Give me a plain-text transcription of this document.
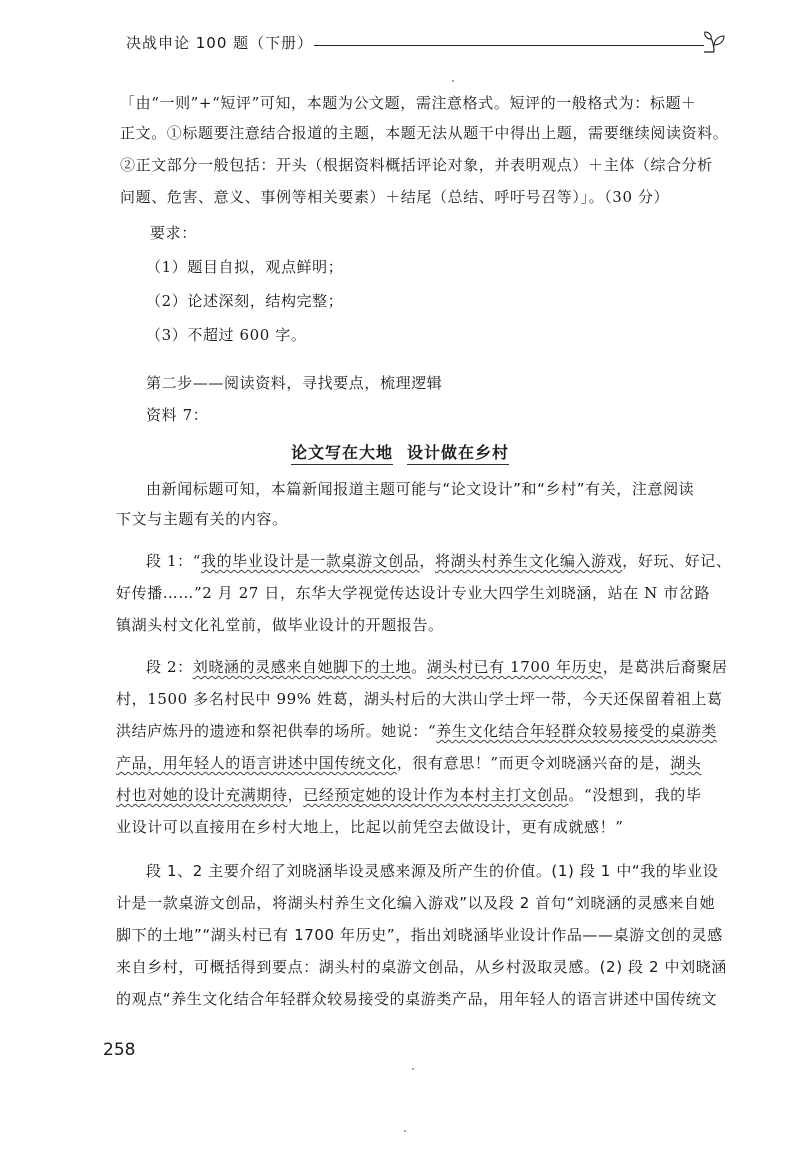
决战申论 100 题（下册）
「由“一则”+“短评”可知，本题为公文题，需注意格式。短评的一般格式为：标题＋
正文。①标题要注意结合报道的主题，本题无法从题干中得出上题，需要继续阅读资料。
②正文部分一般包括：开头（根据资料概括评论对象，并表明观点）＋主体（综合分析
问题、危害、意义、事例等相关要素）＋结尾（总结、呼吁号召等）」。（30 分）
要求：
（1）题目自拟，观点鲜明；
（2）论述深刻，结构完整；
（3）不超过 600 字。
第二步——阅读资料，寻找要点，梳理逻辑
资料 7：
论文写在大地 设计做在乡村
由新闻标题可知，本篇新闻报道主题可能与“论文设计”和“乡村”有关，注意阅读
下文与主题有关的内容。
段 1：“我的毕业设计是一款桌游文创品，将湖头村养生文化编入游戏，好玩、好记、
好传播……”2 月 27 日，东华大学视觉传达设计专业大四学生刘晓涵，站在 N 市岔路
镇湖头村文化礼堂前，做毕业设计的开题报告。
段 2：刘晓涵的灵感来自她脚下的土地。湖头村已有 1700 年历史，是葛洪后裔聚居
村，1500 多名村民中 99% 姓葛，湖头村后的大洪山学士坪一带，今天还保留着祖上葛
洪结庐炼丹的遗迹和祭祀供奉的场所。她说：“养生文化结合年轻群众较易接受的桌游类
产品，用年轻人的语言讲述中国传统文化，很有意思！”而更令刘晓涵兴奋的是，湖头
村也对她的设计充满期待，已经预定她的设计作为本村主打文创品。“没想到，我的毕
业设计可以直接用在乡村大地上，比起以前凭空去做设计，更有成就感！”
段 1、2 主要介绍了刘晓涵毕设灵感来源及所产生的价值。(1) 段 1 中“我的毕业设
计是一款桌游文创品，将湖头村养生文化编入游戏”以及段 2 首句“刘晓涵的灵感来自她
脚下的土地”“湖头村已有 1700 年历史”，指出刘晓涵毕业设计作品——桌游文创的灵感
来自乡村，可概括得到要点：湖头村的桌游文创品，从乡村汲取灵感。(2) 段 2 中刘晓涵
的观点“养生文化结合年轻群众较易接受的桌游类产品，用年轻人的语言讲述中国传统文
258
